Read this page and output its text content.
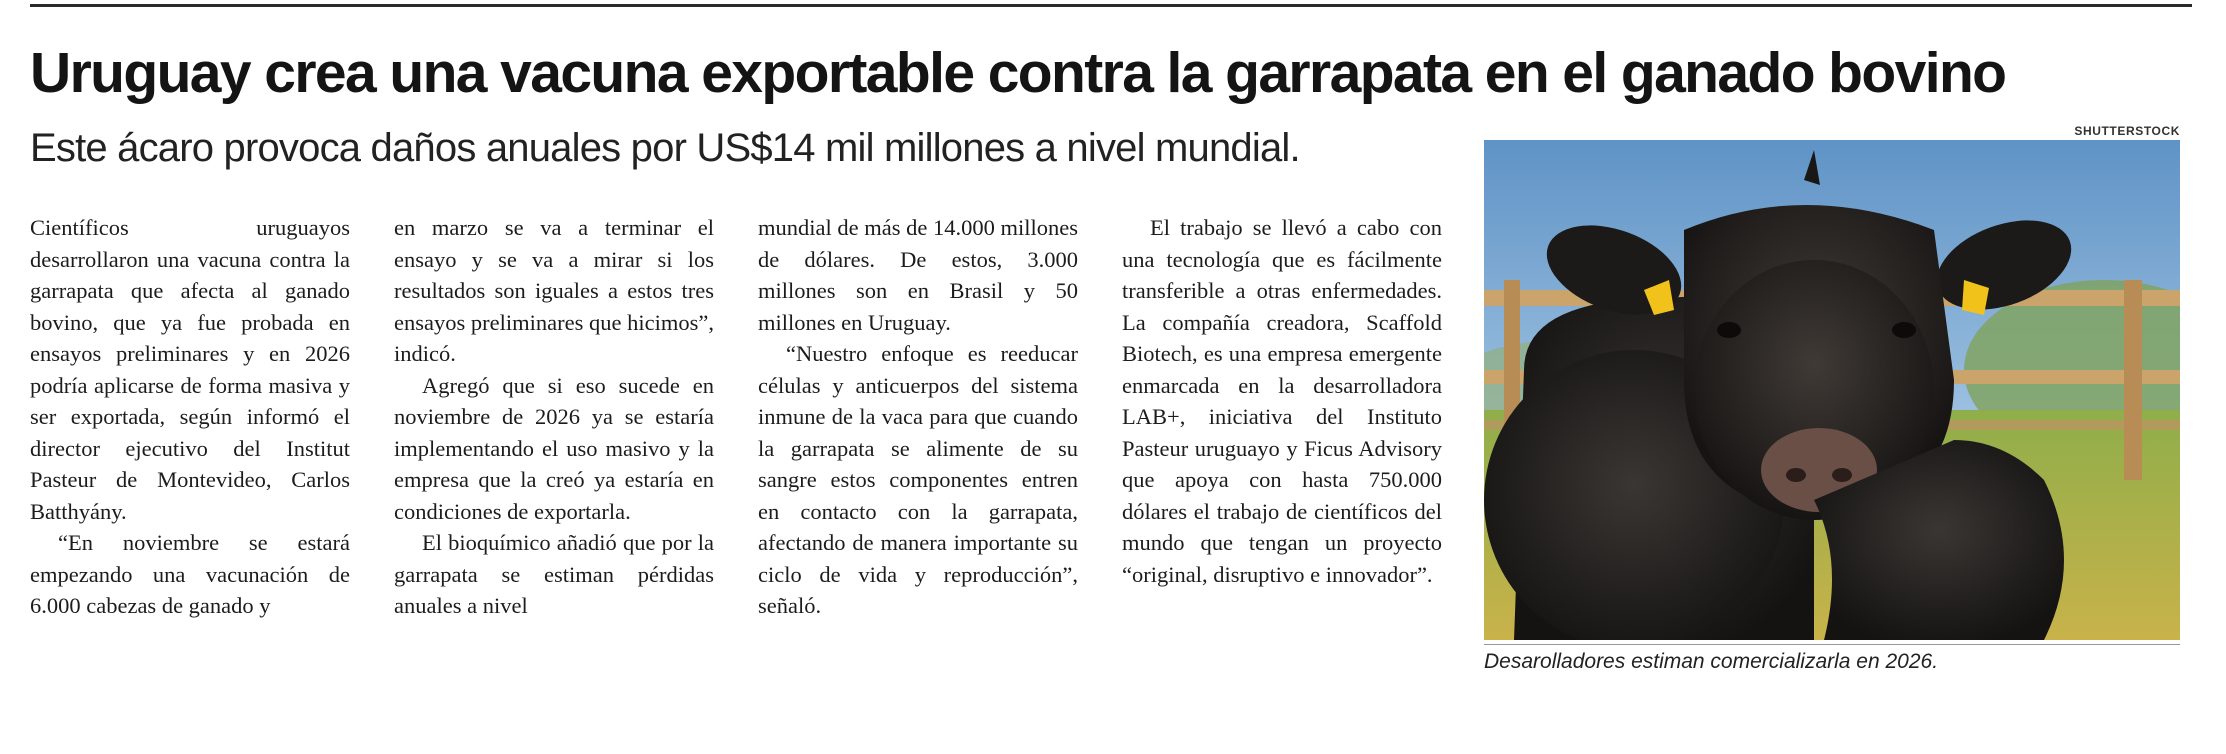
Uruguay crea una vacuna exportable contra la garrapata en el ganado bovino
Este ácaro provoca daños anuales por US$14 mil millones a nivel mundial.

Científicos uruguayos desarrollaron una vacuna contra la garrapata que afecta al ganado bovino, que ya fue probada en ensayos preliminares y en 2026 podría aplicarse de forma masiva y ser exportada, según informó el director ejecutivo del Institut Pasteur de Montevideo, Carlos Batthyány.

“En noviembre se estará empezando una vacunación de 6.000 cabezas de ganado y

en marzo se va a terminar el ensayo y se va a mirar si los resultados son iguales a estos tres ensayos preliminares que hicimos”, indicó.

Agregó que si eso sucede en noviembre de 2026 ya se estaría implementando el uso masivo y la empresa que la creó ya estaría en condiciones de exportarla.

El bioquímico añadió que por la garrapata se estiman pérdidas anuales a nivel

mundial de más de 14.000 millones de dólares. De estos, 3.000 millones son en Brasil y 50 millones en Uruguay.

“Nuestro enfoque es reeducar células y anticuerpos del sistema inmune de la vaca para que cuando la garrapata se alimente de su sangre estos componentes entren en contacto con la garrapata, afectando de manera importante su ciclo de vida y reproducción”, señaló.

El trabajo se llevó a cabo con una tecnología que es fácilmente transferible a otras enfermedades. La compañía creadora, Scaffold Biotech, es una empresa emergente enmarcada en la desarrolladora LAB+, iniciativa del Instituto Pasteur uruguayo y Ficus Advisory que apoya con hasta 750.000 dólares el trabajo de científicos del mundo que tengan un proyecto “original, disruptivo e innovador”.

SHUTTERSTOCK
Desarolladores estiman comercializarla en 2026.
